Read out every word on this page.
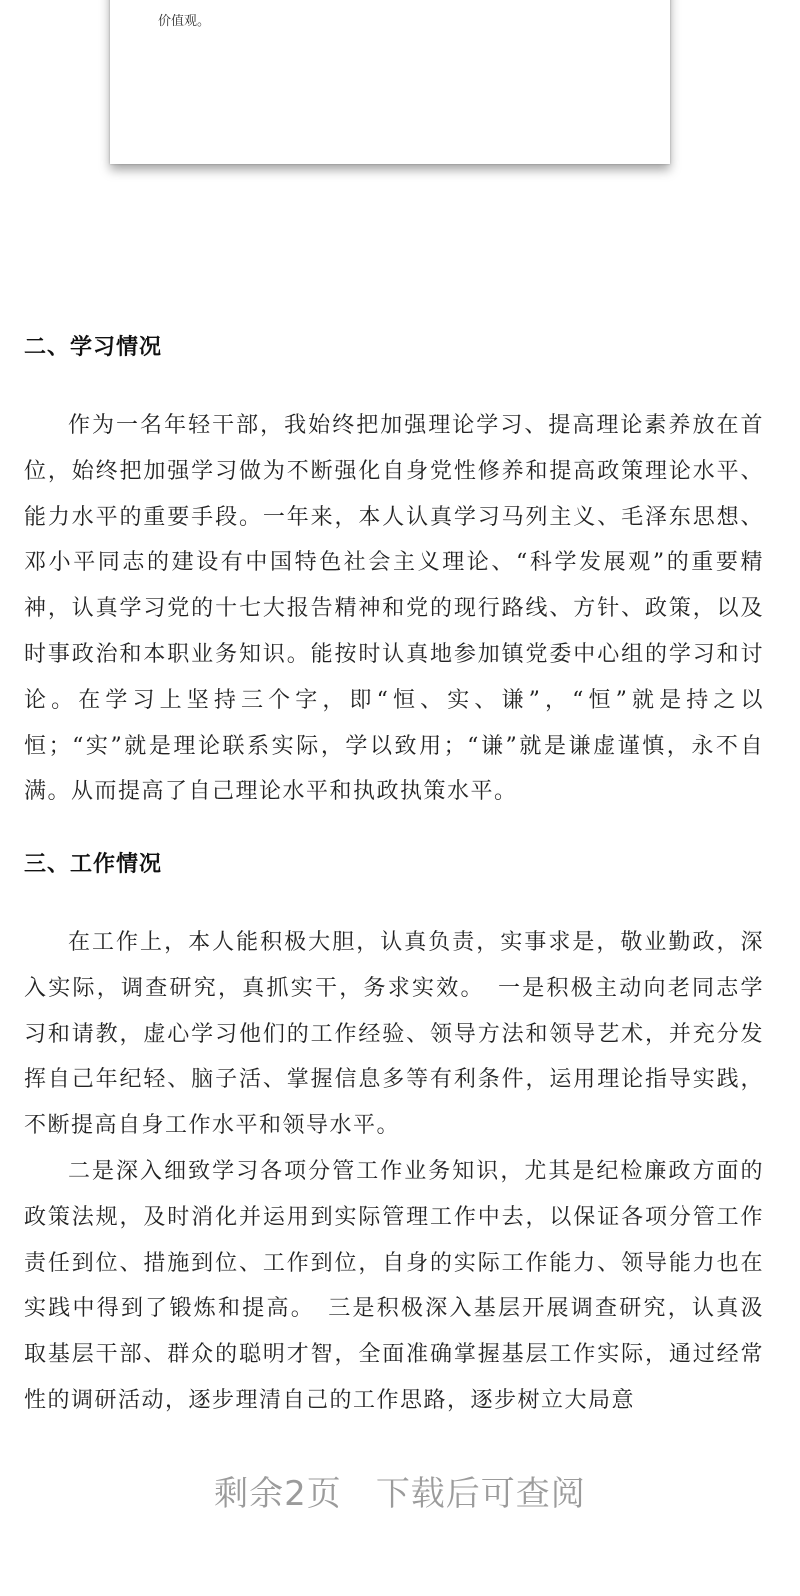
价值观。
二、学习情况

作为一名年轻干部，我始终把加强理论学习、提高理论素养放在首位，始终把加强学习做为不断强化自身党性修养和提高政策理论水平、能力水平的重要手段。一年来，本人认真学习马列主义、毛泽东思想、邓小平同志的建设有中国特色社会主义理论、“科学发展观”的重要精神，认真学习党的十七大报告精神和党的现行路线、方针、政策，以及时事政治和本职业务知识。能按时认真地参加镇党委中心组的学习和讨论。在学习上坚持三个字，即“恒、实、谦”，“恒”就是持之以恒；“实”就是理论联系实际，学以致用；“谦”就是谦虚谨慎，永不自满。从而提高了自己理论水平和执政执策水平。

三、工作情况

在工作上，本人能积极大胆，认真负责，实事求是，敬业勤政，深入实际，调查研究，真抓实干，务求实效。　一是积极主动向老同志学习和请教，虚心学习他们的工作经验、领导方法和领导艺术，并充分发挥自己年纪轻、脑子活、掌握信息多等有利条件，运用理论指导实践，不断提高自身工作水平和领导水平。

二是深入细致学习各项分管工作业务知识，尤其是纪检廉政方面的政策法规，及时消化并运用到实际管理工作中去，以保证各项分管工作责任到位、措施到位、工作到位，自身的实际工作能力、领导能力也在实践中得到了锻炼和提高。　三是积极深入基层开展调查研究，认真汲取基层干部、群众的聪明才智，全面准确掌握基层工作实际，通过经常性的调研活动，逐步理清自己的工作思路，逐步树立大局意

剩余2页 下载后可查阅
